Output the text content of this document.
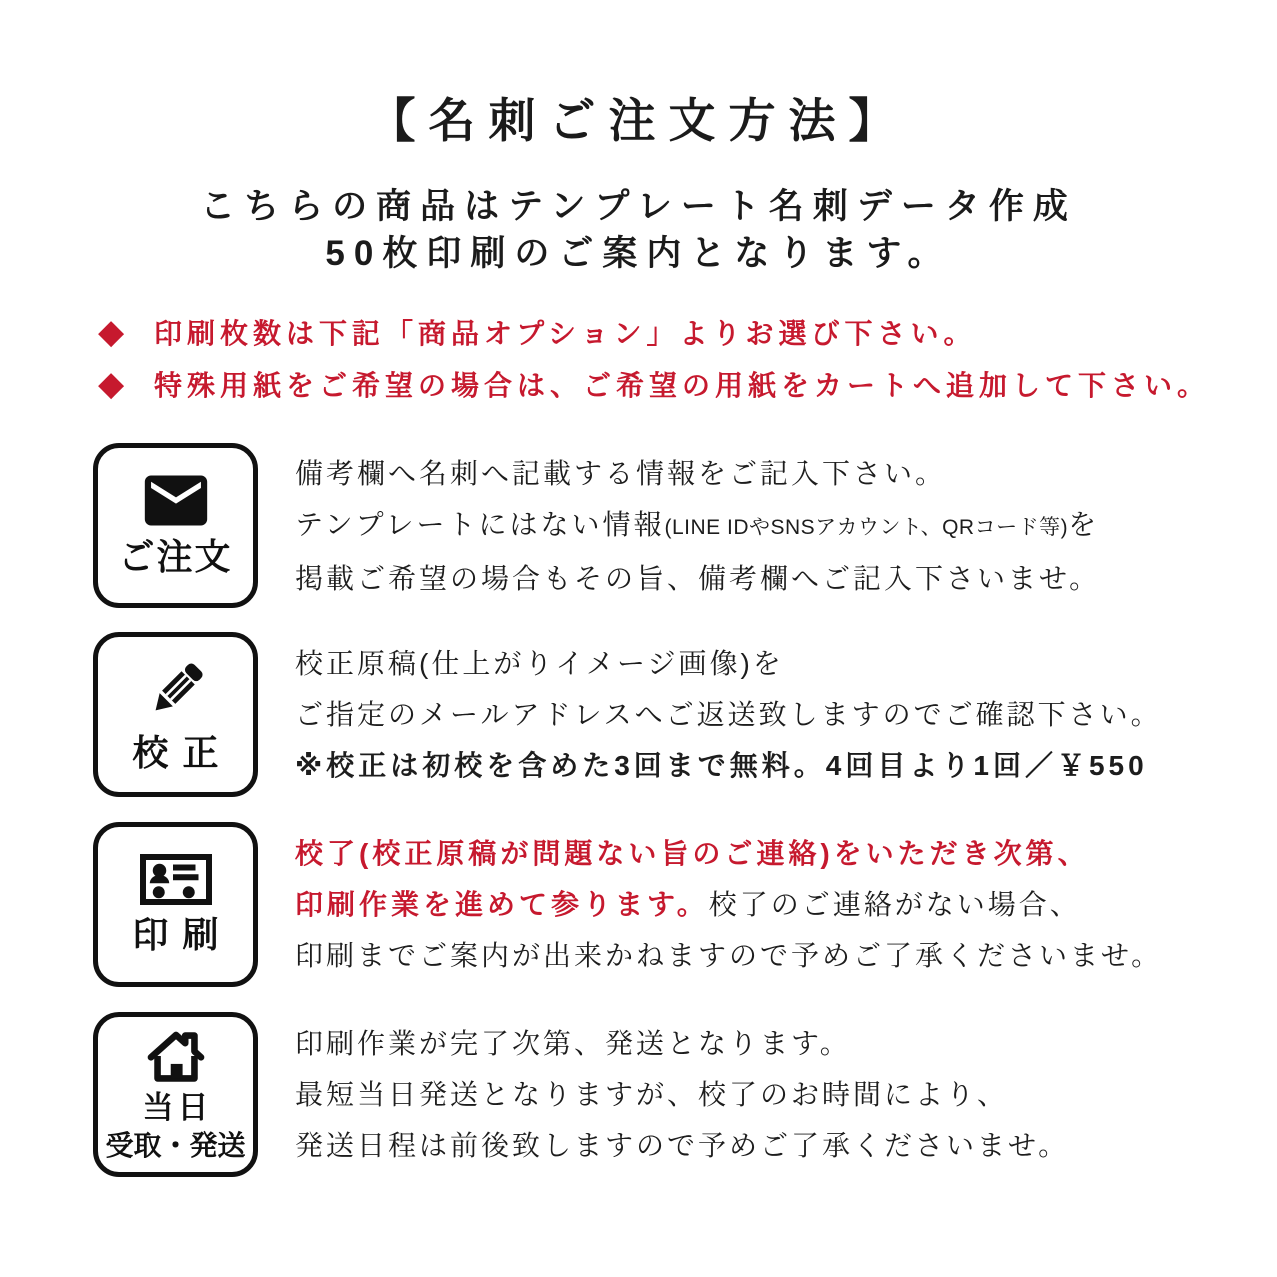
【名刺ご注文方法】
こちらの商品はテンプレート名刺データ作成
50枚印刷のご案内となります。
◆	印刷枚数は下記「商品オプション」よりお選び下さい。
◆	特殊用紙をご希望の場合は、ご希望の用紙をカートへ追加して下さい。
ご注文
備考欄へ名刺へ記載する情報をご記入下さい。
テンプレートにはない情報(LINE IDやSNSアカウント、QRコード等)を
掲載ご希望の場合もその旨、備考欄へご記入下さいませ。
校正
校正原稿(仕上がりイメージ画像)を
ご指定のメールアドレスへご返送致しますのでご確認下さい。
※校正は初校を含めた3回まで無料。4回目より1回／￥550
印刷
校了(校正原稿が問題ない旨のご連絡)をいただき次第、
印刷作業を進めて参ります。校了のご連絡がない場合、
印刷までご案内が出来かねますので予めご了承くださいませ。
当日
受取・発送
印刷作業が完了次第、発送となります。
最短当日発送となりますが、校了のお時間により、
発送日程は前後致しますので予めご了承くださいませ。
